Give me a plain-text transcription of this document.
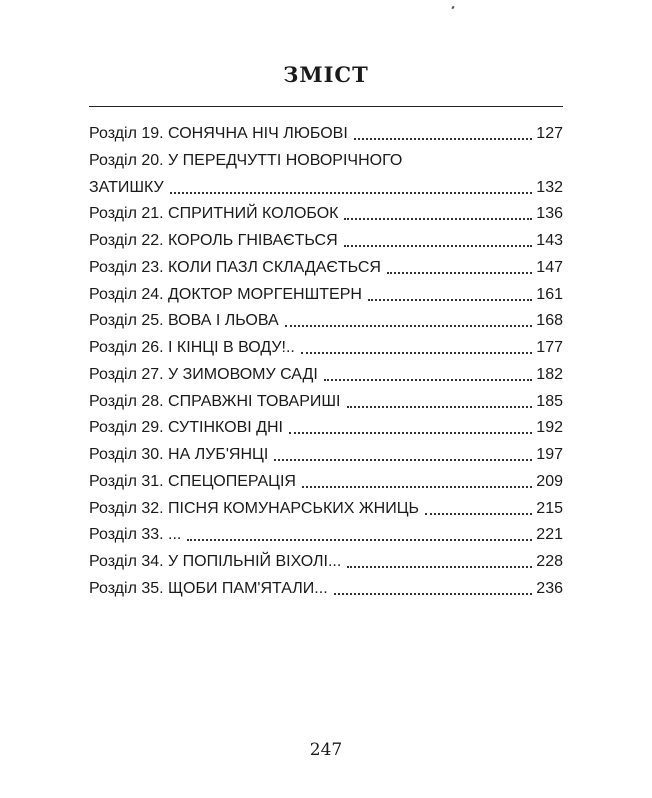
ЗМІСТ
Розділ 19. СОНЯЧНА НІЧ ЛЮБОВІ	127
Розділ 20. У ПЕРЕДЧУТТІ НОВОРІЧНОГО
ЗАТИШКУ	132
Розділ 21. СПРИТНИЙ КОЛОБОК	136
Розділ 22. КОРОЛЬ ГНІВАЄТЬСЯ	143
Розділ 23. КОЛИ ПАЗЛ СКЛАДАЄТЬСЯ	147
Розділ 24. ДОКТОР МОРГЕНШТЕРН	161
Розділ 25. ВОВА І ЛЬОВА	168
Розділ 26. І КІНЦІ В ВОДУ!..	177
Розділ 27. У ЗИМОВОМУ САДІ	182
Розділ 28. СПРАВЖНІ ТОВАРИШІ	185
Розділ 29. СУТІНКОВІ ДНІ	192
Розділ 30. НА ЛУБ'ЯНЦІ	197
Розділ 31. СПЕЦОПЕРАЦІЯ	209
Розділ 32. ПІСНЯ КОМУНАРСЬКИХ ЖНИЦЬ	215
Розділ 33. ...	221
Розділ 34. У ПОПІЛЬНІЙ ВІХОЛІ...	228
Розділ 35. ЩОБИ ПАМ'ЯТАЛИ...	236
247
